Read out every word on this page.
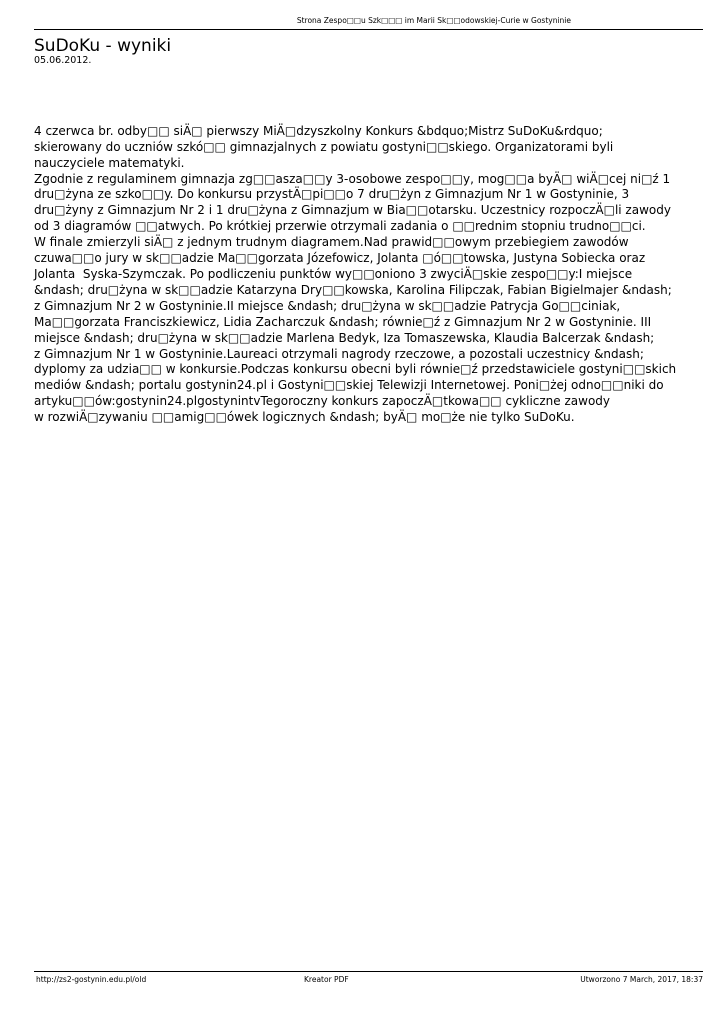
Strona Zespo□□u Szk□□□ im Marii Sk□□odowskiej-Curie w Gostyninie
SuDoKu - wyniki
05.06.2012.

4 czerwca br. odby□□ siÄ□ pierwszy MiÄ□dzyszkolny Konkurs &bdquo;Mistrz SuDoKu&rdquo;
skierowany do uczniów szkó□□ gimnazjalnych z powiatu gostyni□□skiego. Organizatorami byli
nauczyciele matematyki.
Zgodnie z regulaminem gimnazja zg□□asza□□y 3-osobowe zespo□□y, mog□□a byÄ□ wiÄ□cej ni□ź 1
dru□żyna ze szko□□y. Do konkursu przystÄ□pi□□o 7 dru□żyn z Gimnazjum Nr 1 w Gostyninie, 3
dru□żyny z Gimnazjum Nr 2 i 1 dru□żyna z Gimnazjum w Bia□□otarsku. Uczestnicy rozpoczÄ□li zawody
od 3 diagramów □□atwych. Po krótkiej przerwie otrzymali zadania o □□rednim stopniu trudno□□ci.
W finale zmierzyli siÄ□ z jednym trudnym diagramem.Nad prawid□□owym przebiegiem zawodów
czuwa□□o jury w sk□□adzie Ma□□gorzata Józefowicz, Jolanta □ó□□towska, Justyna Sobiecka oraz
Jolanta  Syska-Szymczak. Po podliczeniu punktów wy□□oniono 3 zwyciÄ□skie zespo□□y:I miejsce
&ndash; dru□żyna w sk□□adzie Katarzyna Dry□□kowska, Karolina Filipczak, Fabian Bigielmajer &ndash;
z Gimnazjum Nr 2 w Gostyninie.II miejsce &ndash; dru□żyna w sk□□adzie Patrycja Go□□ciniak,
Ma□□gorzata Franciszkiewicz, Lidia Zacharczuk &ndash; równie□ź z Gimnazjum Nr 2 w Gostyninie. III
miejsce &ndash; dru□żyna w sk□□adzie Marlena Bedyk, Iza Tomaszewska, Klaudia Balcerzak &ndash;
z Gimnazjum Nr 1 w Gostyninie.Laureaci otrzymali nagrody rzeczowe, a pozostali uczestnicy &ndash;
dyplomy za udzia□□ w konkursie.Podczas konkursu obecni byli równie□ź przedstawiciele gostyni□□skich
mediów &ndash; portalu gostynin24.pl i Gostyni□□skiej Telewizji Internetowej. Poni□żej odno□□niki do
artyku□□ów:gostynin24.plgostynintvTegoroczny konkurs zapoczÄ□tkowa□□ cykliczne zawody
w rozwiÄ□zywaniu □□amig□□ówek logicznych &ndash; byÄ□ mo□że nie tylko SuDoKu.

http://zs2-gostynin.edu.pl/old	Kreator PDF	Utworzono 7 March, 2017, 18:37
